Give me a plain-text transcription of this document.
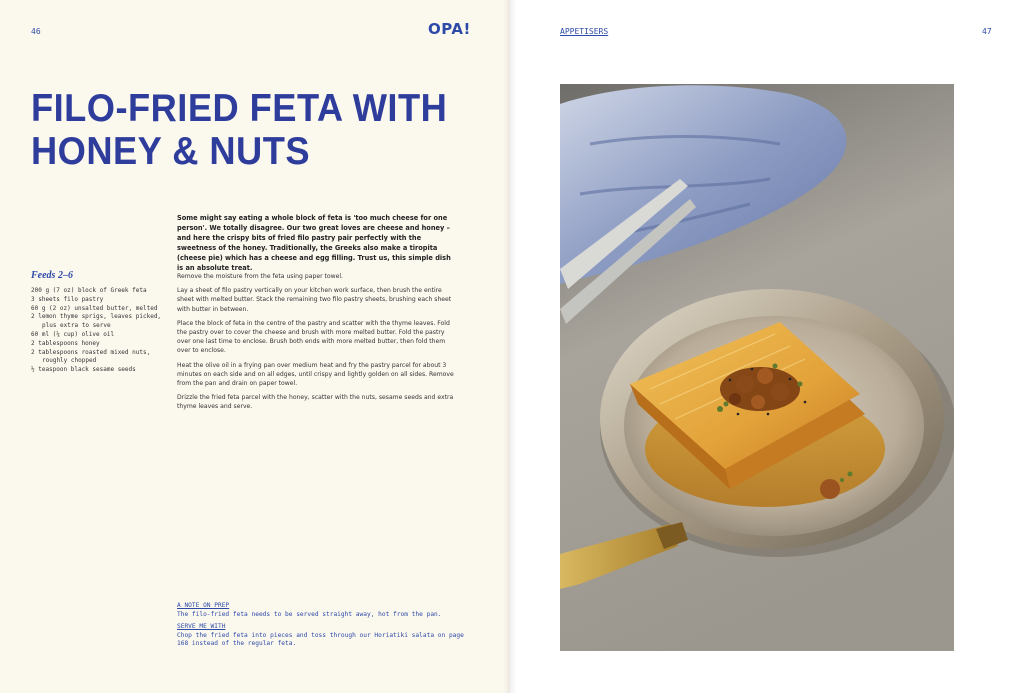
46	OPA!
FILO-FRIED FETA WITH
HONEY & NUTS

Some might say eating a whole block of feta is 'too much cheese for one person'. We totally disagree. Our two great loves are cheese and honey – and here the crispy bits of fried filo pastry pair perfectly with the sweetness of the honey. Traditionally, the Greeks also make a tiropita (cheese pie) which has a cheese and egg filling. Trust us, this simple dish is an absolute treat.

Feeds 2–6
200 g (7 oz) block of Greek feta
3 sheets filo pastry
60 g (2 oz) unsalted butter, melted
2 lemon thyme sprigs, leaves picked, plus extra to serve
60 ml (¼ cup) olive oil
2 tablespoons honey
2 tablespoons roasted mixed nuts, roughly chopped
½ teaspoon black sesame seeds

Remove the moisture from the feta using paper towel.

Lay a sheet of filo pastry vertically on your kitchen work surface, then brush the entire sheet with melted butter. Stack the remaining two filo pastry sheets, brushing each sheet with butter in between.

Place the block of feta in the centre of the pastry and scatter with the thyme leaves. Fold the pastry over to cover the cheese and brush with more melted butter. Fold the pastry over one last time to enclose. Brush both ends with more melted butter, then fold them over to enclose.

Heat the olive oil in a frying pan over medium heat and fry the pastry parcel for about 3 minutes on each side and on all edges, until crispy and lightly golden on all sides. Remove from the pan and drain on paper towel.

Drizzle the fried feta parcel with the honey, scatter with the nuts, sesame seeds and extra thyme leaves and serve.

A NOTE ON PREP
The filo-fried feta needs to be served straight away, hot from the pan.
SERVE ME WITH
Chop the fried feta into pieces and toss through our Horiatiki salata on page 168 instead of the regular feta.
47
APPETISERS
